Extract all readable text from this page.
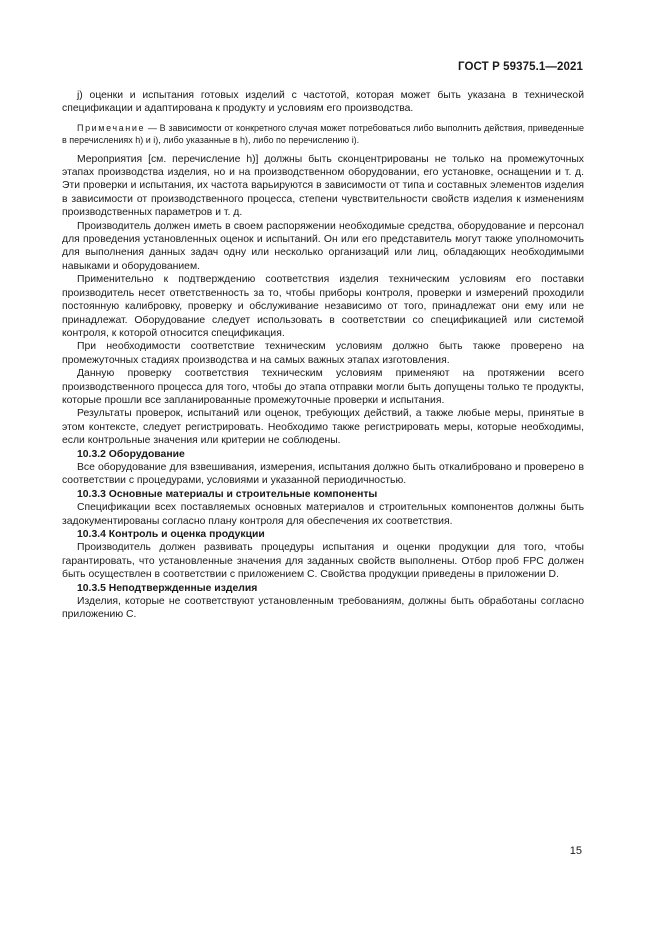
ГОСТ Р 59375.1—2021

j) оценки и испытания готовых изделий с частотой, которая может быть указана в технической спецификации и адаптирована к продукту и условиям его производства.

Примечание — В зависимости от конкретного случая может потребоваться либо выполнить действия, приведенные в перечислениях h) и i), либо указанные в h), либо по перечислению i).

Мероприятия [см. перечисление h)] должны быть сконцентрированы не только на промежуточных этапах производства изделия, но и на производственном оборудовании, его установке, оснащении и т. д. Эти проверки и испытания, их частота варьируются в зависимости от типа и составных элементов изделия в зависимости от производственного процесса, степени чувствительности свойств изделия к изменениям производственных параметров и т. д.

Производитель должен иметь в своем распоряжении необходимые средства, оборудование и персонал для проведения установленных оценок и испытаний. Он или его представитель могут также уполномочить для выполнения данных задач одну или несколько организаций или лиц, обладающих необходимыми навыками и оборудованием.

Применительно к подтверждению соответствия изделия техническим условиям его поставки производитель несет ответственность за то, чтобы приборы контроля, проверки и измерений проходили постоянную калибровку, проверку и обслуживание независимо от того, принадлежат они ему или не принадлежат. Оборудование следует использовать в соответствии со спецификацией или системой контроля, к которой относится спецификация.

При необходимости соответствие техническим условиям должно быть также проверено на промежуточных стадиях производства и на самых важных этапах изготовления.

Данную проверку соответствия техническим условиям применяют на протяжении всего производственного процесса для того, чтобы до этапа отправки могли быть допущены только те продукты, которые прошли все запланированные промежуточные проверки и испытания.

Результаты проверок, испытаний или оценок, требующих действий, а также любые меры, принятые в этом контексте, следует регистрировать. Необходимо также регистрировать меры, которые необходимы, если контрольные значения или критерии не соблюдены.

10.3.2 Оборудование

Все оборудование для взвешивания, измерения, испытания должно быть откалибровано и проверено в соответствии с процедурами, условиями и указанной периодичностью.

10.3.3 Основные материалы и строительные компоненты

Спецификации всех поставляемых основных материалов и строительных компонентов должны быть задокументированы согласно плану контроля для обеспечения их соответствия.

10.3.4 Контроль и оценка продукции

Производитель должен развивать процедуры испытания и оценки продукции для того, чтобы гарантировать, что установленные значения для заданных свойств выполнены. Отбор проб FPC должен быть осуществлен в соответствии с приложением С. Свойства продукции приведены в приложении D.

10.3.5 Неподтвержденные изделия

Изделия, которые не соответствуют установленным требованиям, должны быть обработаны согласно приложению С.

15
